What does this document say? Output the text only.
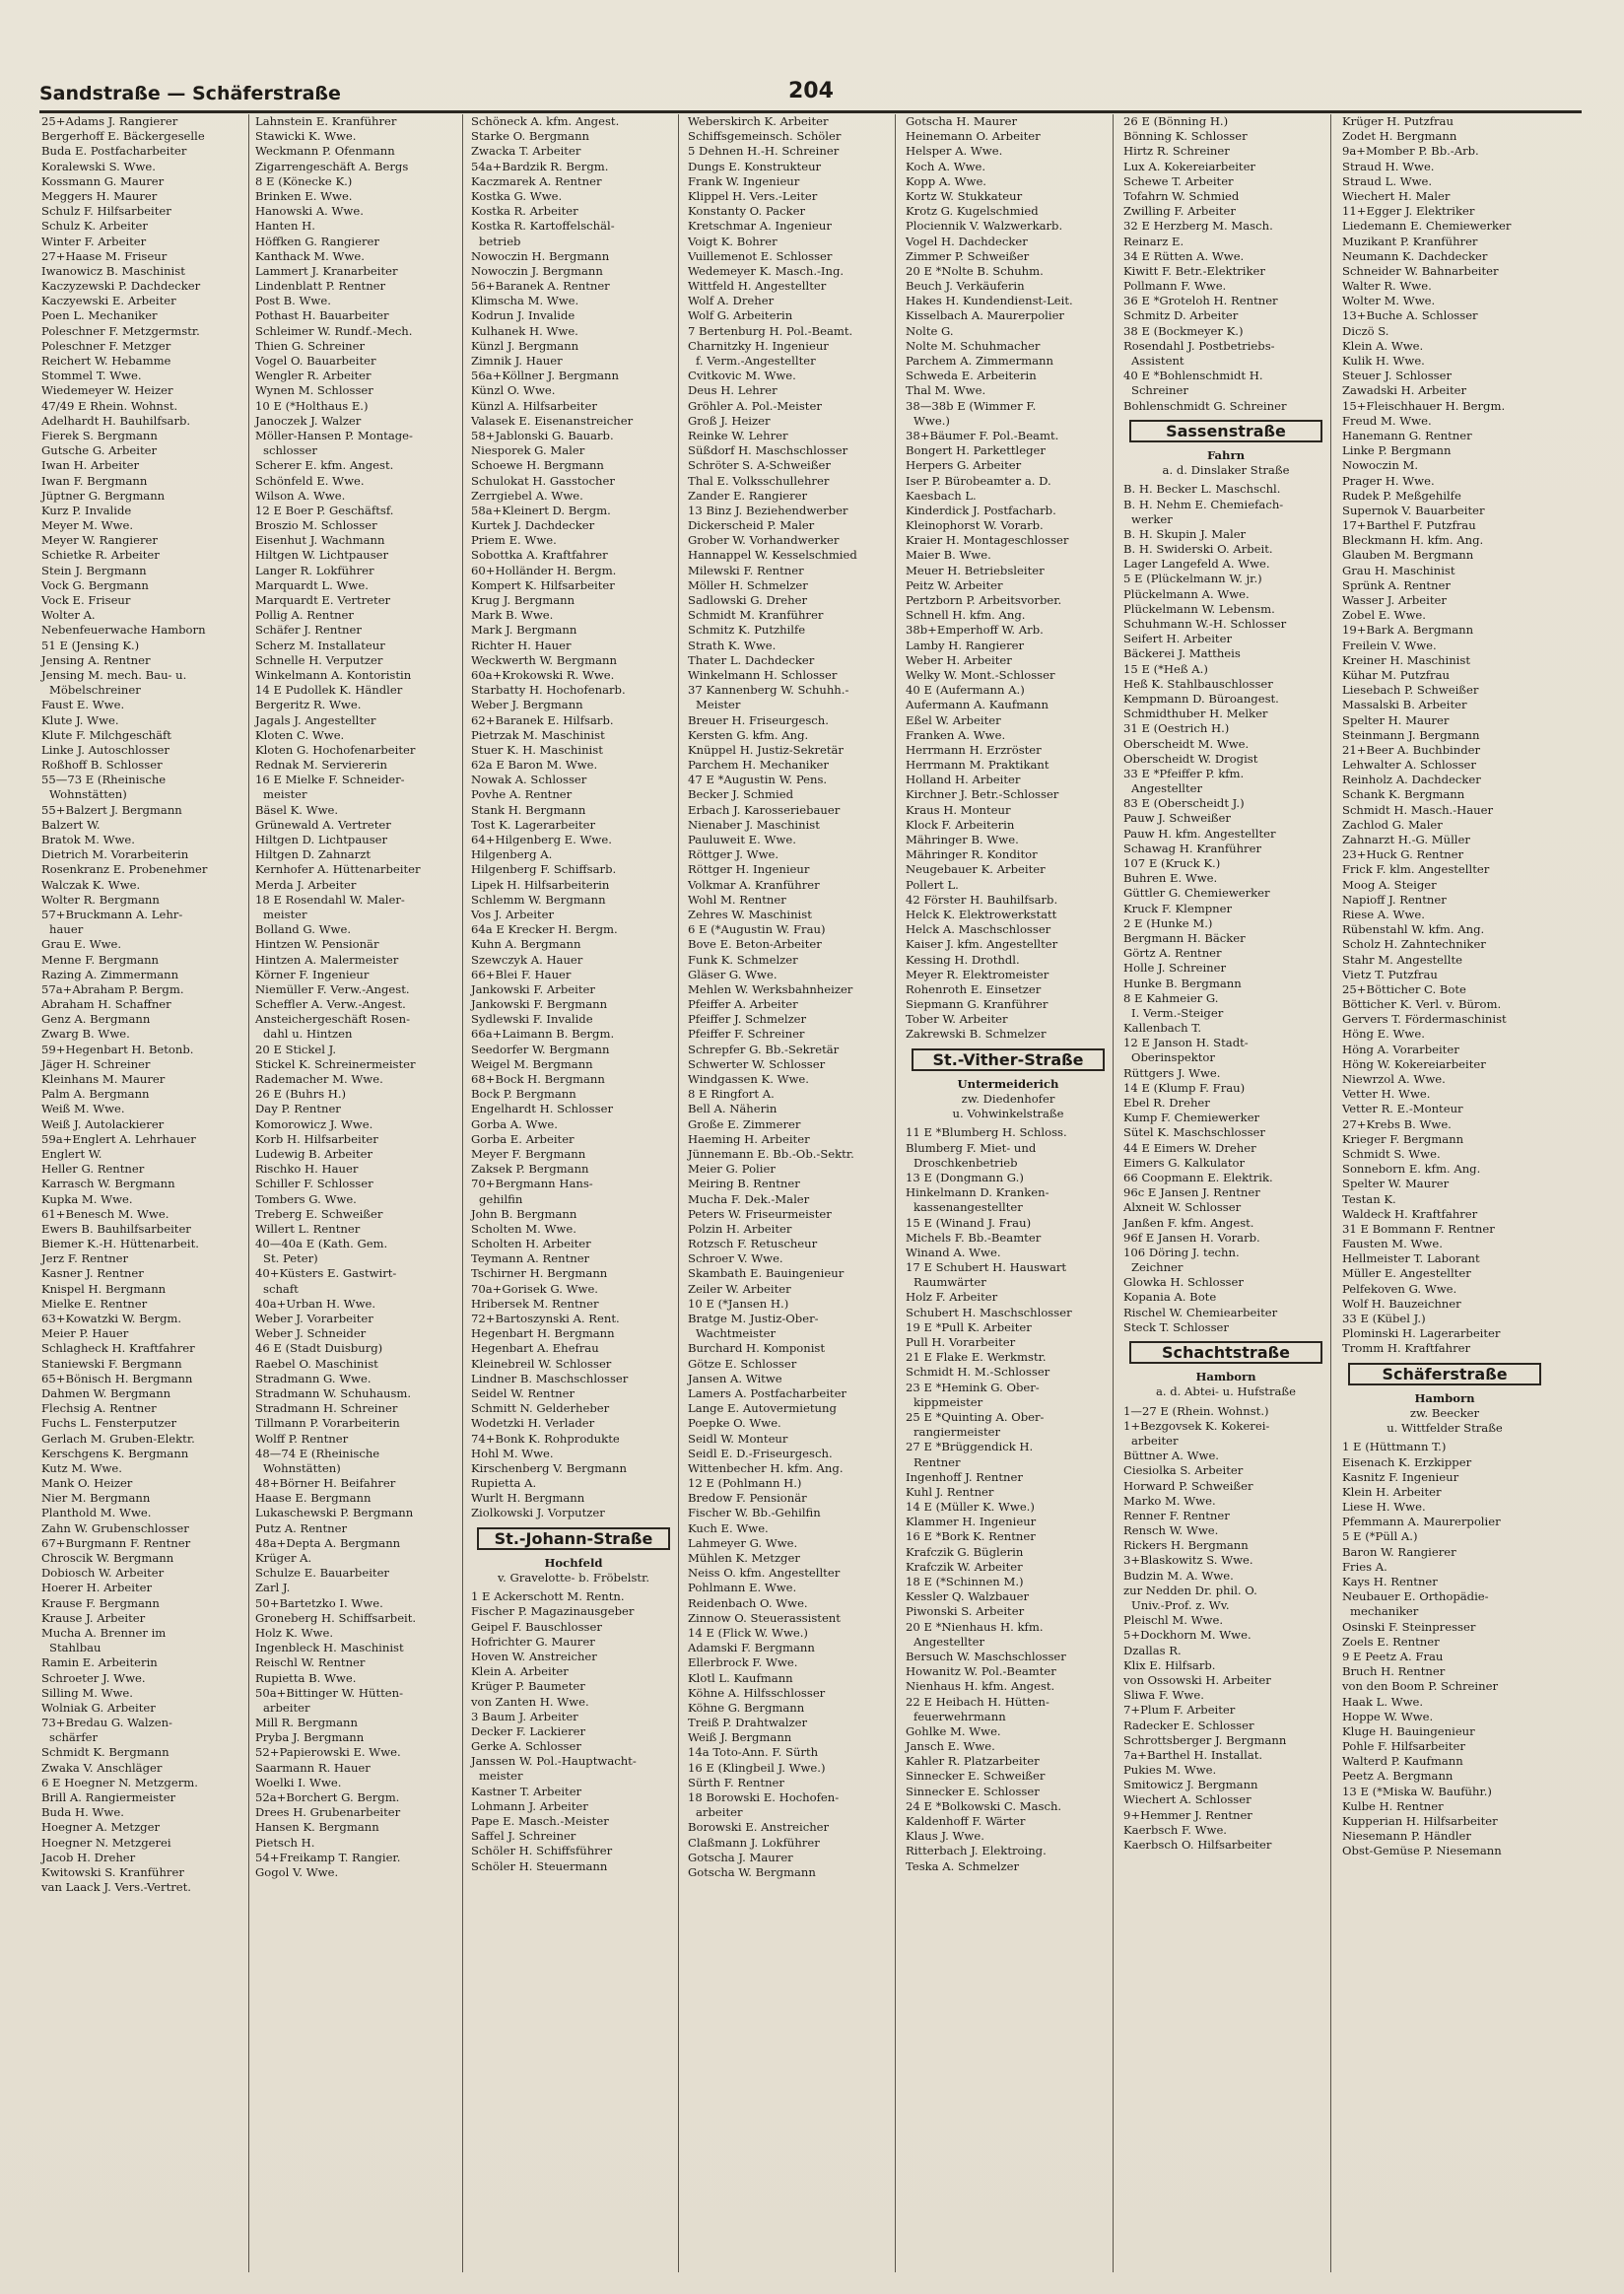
Sandstraße — Schäferstraße	204
25+Adams J. Rangierer
Bergerhoff E. Bäckergeselle
Buda E. Postfacharbeiter
Koralewski S. Wwe.
Kossmann G. Maurer
Meggers H. Maurer
Schulz F. Hilfsarbeiter
Schulz K. Arbeiter
Winter F. Arbeiter
27+Haase M. Friseur
Iwanowicz B. Maschinist
Kaczyzewski P. Dachdecker
Kaczyewski E. Arbeiter
Poen L. Mechaniker
Poleschner F. Metzgermstr.
Poleschner F. Metzger
Reichert W. Hebamme
Stommel T. Wwe.
Wiedemeyer W. Heizer
47/49 E Rhein. Wohnst.
Adelhardt H. Bauhilfsarb.
Fierek S. Bergmann
Gutsche G. Arbeiter
Iwan H. Arbeiter
Iwan F. Bergmann
Jüptner G. Bergmann
Kurz P. Invalide
Meyer M. Wwe.
Meyer W. Rangierer
Schietke R. Arbeiter
Stein J. Bergmann
Vock G. Bergmann
Vock E. Friseur
Wolter A.
Nebenfeuerwache Hamborn
51 E (Jensing K.)
Jensing A. Rentner
Jensing M. mech. Bau- u.
Möbelschreiner
Faust E. Wwe.
Klute J. Wwe.
Klute F. Milchgeschäft
Linke J. Autoschlosser
Roßhoff B. Schlosser
55—73 E (Rheinische
Wohnstätten)
55+Balzert J. Bergmann
Balzert W.
Bratok M. Wwe.
Dietrich M. Vorarbeiterin
Rosenkranz E. Probenehmer
Walczak K. Wwe.
Wolter R. Bergmann
57+Bruckmann A. Lehr-
hauer
Grau E. Wwe.
Menne F. Bergmann
Razing A. Zimmermann
57a+Abraham P. Bergm.
Abraham H. Schaffner
Genz A. Bergmann
Zwarg B. Wwe.
59+Hegenbart H. Betonb.
Jäger H. Schreiner
Kleinhans M. Maurer
Palm A. Bergmann
Weiß M. Wwe.
Weiß J. Autolackierer
59a+Englert A. Lehrhauer
Englert W.
Heller G. Rentner
Karrasch W. Bergmann
Kupka M. Wwe.
61+Benesch M. Wwe.
Ewers B. Bauhilfsarbeiter
Biemer K.-H. Hüttenarbeit.
Jerz F. Rentner
Kasner J. Rentner
Knispel H. Bergmann
Mielke E. Rentner
63+Kowatzki W. Bergm.
Meier P. Hauer
Schlagheck H. Kraftfahrer
Staniewski F. Bergmann
65+Bönisch H. Bergmann
Dahmen W. Bergmann
Flechsig A. Rentner
Fuchs L. Fensterputzer
Gerlach M. Gruben-Elektr.
Kerschgens K. Bergmann
Kutz M. Wwe.
Mank O. Heizer
Nier M. Bergmann
Planthold M. Wwe.
Zahn W. Grubenschlosser
67+Burgmann F. Rentner
Chroscik W. Bergmann
Dobiosch W. Arbeiter
Hoerer H. Arbeiter
Krause F. Bergmann
Krause J. Arbeiter
Mucha A. Brenner im
Stahlbau
Ramin E. Arbeiterin
Schroeter J. Wwe.
Silling M. Wwe.
Wolniak G. Arbeiter
73+Bredau G. Walzen-
schärfer
Schmidt K. Bergmann
Zwaka V. Anschläger
6 E Hoegner N. Metzgerm.
Brill A. Rangiermeister
Buda H. Wwe.
Hoegner A. Metzger
Hoegner N. Metzgerei
Jacob H. Dreher
Kwitowski S. Kranführer
van Laack J. Vers.-Vertret.
Lahnstein E. Kranführer
Stawicki K. Wwe.
Weckmann P. Ofenmann
Zigarrengeschäft A. Bergs
8 E (Könecke K.)
Brinken E. Wwe.
Hanowski A. Wwe.
Hanten H.
Höffken G. Rangierer
Kanthack M. Wwe.
Lammert J. Kranarbeiter
Lindenblatt P. Rentner
Post B. Wwe.
Pothast H. Bauarbeiter
Schleimer W. Rundf.-Mech.
Thien G. Schreiner
Vogel O. Bauarbeiter
Wengler R. Arbeiter
Wynen M. Schlosser
10 E (*Holthaus E.)
Janoczek J. Walzer
Möller-Hansen P. Montage-
schlosser
Scherer E. kfm. Angest.
Schönfeld E. Wwe.
Wilson A. Wwe.
12 E Boer P. Geschäftsf.
Broszio M. Schlosser
Eisenhut J. Wachmann
Hiltgen W. Lichtpauser
Langer R. Lokführer
Marquardt L. Wwe.
Marquardt E. Vertreter
Pollig A. Rentner
Schäfer J. Rentner
Scherz M. Installateur
Schnelle H. Verputzer
Winkelmann A. Kontoristin
14 E Pudollek K. Händler
Bergeritz R. Wwe.
Jagals J. Angestellter
Kloten C. Wwe.
Kloten G. Hochofenarbeiter
Rednak M. Serviererin
16 E Mielke F. Schneider-
meister
Bäsel K. Wwe.
Grünewald A. Vertreter
Hiltgen D. Lichtpauser
Hiltgen D. Zahnarzt
Kernhofer A. Hüttenarbeiter
Merda J. Arbeiter
18 E Rosendahl W. Maler-
meister
Bolland G. Wwe.
Hintzen W. Pensionär
Hintzen A. Malermeister
Körner F. Ingenieur
Niemüller F. Verw.-Angest.
Scheffler A. Verw.-Angest.
Ansteichergeschäft Rosen-
dahl u. Hintzen
20 E Stickel J.
Stickel K. Schreinermeister
Rademacher M. Wwe.
26 E (Buhrs H.)
Day P. Rentner
Komorowicz J. Wwe.
Korb H. Hilfsarbeiter
Ludewig B. Arbeiter
Rischko H. Hauer
Schiller F. Schlosser
Tombers G. Wwe.
Treberg E. Schweißer
Willert L. Rentner
40—40a E (Kath. Gem.
St. Peter)
40+Küsters E. Gastwirt-
schaft
40a+Urban H. Wwe.
Weber J. Vorarbeiter
Weber J. Schneider
46 E (Stadt Duisburg)
Raebel O. Maschinist
Stradmann G. Wwe.
Stradmann W. Schuhausm.
Stradmann H. Schreiner
Tillmann P. Vorarbeiterin
Wolff P. Rentner
48—74 E (Rheinische
Wohnstätten)
48+Börner H. Beifahrer
Haase E. Bergmann
Lukaschewski P. Bergmann
Putz A. Rentner
48a+Depta A. Bergmann
Krüger A.
Schulze E. Bauarbeiter
Zarl J.
50+Bartetzko I. Wwe.
Groneberg H. Schiffsarbeit.
Holz K. Wwe.
Ingenbleck H. Maschinist
Reischl W. Rentner
Rupietta B. Wwe.
50a+Bittinger W. Hütten-
arbeiter
Mill R. Bergmann
Pryba J. Bergmann
52+Papierowski E. Wwe.
Saarmann R. Hauer
Woelki I. Wwe.
52a+Borchert G. Bergm.
Drees H. Grubenarbeiter
Hansen K. Bergmann
Pietsch H.
54+Freikamp T. Rangier.
Gogol V. Wwe.
Schöneck A. kfm. Angest.
Starke O. Bergmann
Zwacka T. Arbeiter
54a+Bardzik R. Bergm.
Kaczmarek A. Rentner
Kostka G. Wwe.
Kostka R. Arbeiter
Kostka R. Kartoffelschäl-
betrieb
Nowoczin H. Bergmann
Nowoczin J. Bergmann
56+Baranek A. Rentner
Klimscha M. Wwe.
Kodrun J. Invalide
Kulhanek H. Wwe.
Künzl J. Bergmann
Zimnik J. Hauer
56a+Köllner J. Bergmann
Künzl O. Wwe.
Künzl A. Hilfsarbeiter
Valasek E. Eisenanstreicher
58+Jablonski G. Bauarb.
Niesporek G. Maler
Schoewe H. Bergmann
Schulokat H. Gasstocher
Zerrgiebel A. Wwe.
58a+Kleinert D. Bergm.
Kurtek J. Dachdecker
Priem E. Wwe.
Sobottka A. Kraftfahrer
60+Holländer H. Bergm.
Kompert K. Hilfsarbeiter
Krug J. Bergmann
Mark B. Wwe.
Mark J. Bergmann
Richter H. Hauer
Weckwerth W. Bergmann
60a+Krokowski R. Wwe.
Starbatty H. Hochofenarb.
Weber J. Bergmann
62+Baranek E. Hilfsarb.
Pietrzak M. Maschinist
Stuer K. H. Maschinist
62a E Baron M. Wwe.
Nowak A. Schlosser
Povhe A. Rentner
Stank H. Bergmann
Tost K. Lagerarbeiter
64+Hilgenberg E. Wwe.
Hilgenberg A.
Hilgenberg F. Schiffsarb.
Lipek H. Hilfsarbeiterin
Schlemm W. Bergmann
Vos J. Arbeiter
64a E Krecker H. Bergm.
Kuhn A. Bergmann
Szewczyk A. Hauer
66+Blei F. Hauer
Jankowski F. Arbeiter
Jankowski F. Bergmann
Sydlewski F. Invalide
66a+Laimann B. Bergm.
Seedorfer W. Bergmann
Weigel M. Bergmann
68+Bock H. Bergmann
Bock P. Bergmann
Engelhardt H. Schlosser
Gorba A. Wwe.
Gorba E. Arbeiter
Meyer F. Bergmann
Zaksek P. Bergmann
70+Bergmann Hans-
gehilfin
John B. Bergmann
Scholten M. Wwe.
Scholten H. Arbeiter
Teymann A. Rentner
Tschirner H. Bergmann
70a+Gorisek G. Wwe.
Hribersek M. Rentner
72+Bartoszynski A. Rent.
Hegenbart H. Bergmann
Hegenbart A. Ehefrau
Kleinebreil W. Schlosser
Lindner B. Maschschlosser
Seidel W. Rentner
Schmitt N. Gelderheber
Wodetzki H. Verlader
74+Bonk K. Rohprodukte
Hohl M. Wwe.
Kirschenberg V. Bergmann
Rupietta A.
Wurlt H. Bergmann
Ziolkowski J. Vorputzer
St.-Johann-Straße
Hochfeld
v. Gravelotte- b. Fröbelstr.
1 E Ackerschott M. Rentn.
Fischer P. Magazinausgeber
Geipel F. Bauschlosser
Hofrichter G. Maurer
Hoven W. Anstreicher
Klein A. Arbeiter
Krüger P. Baumeter
von Zanten H. Wwe.
3 Baum J. Arbeiter
Decker F. Lackierer
Gerke A. Schlosser
Janssen W. Pol.-Hauptwacht-
meister
Kastner T. Arbeiter
Lohmann J. Arbeiter
Pape E. Masch.-Meister
Saffel J. Schreiner
Schöler H. Schiffsführer
Schöler H. Steuermann
Weberskirch K. Arbeiter
Schiffsgemeinsch. Schöler
5 Dehnen H.-H. Schreiner
Dungs E. Konstrukteur
Frank W. Ingenieur
Klippel H. Vers.-Leiter
Konstanty O. Packer
Kretschmar A. Ingenieur
Voigt K. Bohrer
Vuillemenot E. Schlosser
Wedemeyer K. Masch.-Ing.
Wittfeld H. Angestellter
Wolf A. Dreher
Wolf G. Arbeiterin
7 Bertenburg H. Pol.-Beamt.
Charnitzky H. Ingenieur
f. Verm.-Angestellter
Cvitkovic M. Wwe.
Deus H. Lehrer
Gröhler A. Pol.-Meister
Groß J. Heizer
Reinke W. Lehrer
Süßdorf H. Maschschlosser
Schröter S. A-Schweißer
Thal E. Volksschullehrer
Zander E. Rangierer
13 Binz J. Beziehendwerber
Dickerscheid P. Maler
Grober W. Vorhandwerker
Hannappel W. Kesselschmied
Milewski F. Rentner
Möller H. Schmelzer
Sadlowski G. Dreher
Schmidt M. Kranführer
Schmitz K. Putzhilfe
Strath K. Wwe.
Thater L. Dachdecker
Winkelmann H. Schlosser
37 Kannenberg W. Schuhh.-
Meister
Breuer H. Friseurgesch.
Kersten G. kfm. Ang.
Knüppel H. Justiz-Sekretär
Parchem H. Mechaniker
47 E *Augustin W. Pens.
Becker J. Schmied
Erbach J. Karosseriebauer
Nienaber J. Maschinist
Pauluweit E. Wwe.
Röttger J. Wwe.
Röttger H. Ingenieur
Volkmar A. Kranführer
Wohl M. Rentner
Zehres W. Maschinist
6 E (*Augustin W. Frau)
Bove E. Beton-Arbeiter
Funk K. Schmelzer
Gläser G. Wwe.
Mehlen W. Werksbahnheizer
Pfeiffer A. Arbeiter
Pfeiffer J. Schmelzer
Pfeiffer F. Schreiner
Schrepfer G. Bb.-Sekretär
Schwerter W. Schlosser
Windgassen K. Wwe.
8 E Ringfort A.
Bell A. Näherin
Große E. Zimmerer
Haeming H. Arbeiter
Jünnemann E. Bb.-Ob.-Sektr.
Meier G. Polier
Meiring B. Rentner
Mucha F. Dek.-Maler
Peters W. Friseurmeister
Polzin H. Arbeiter
Rotzsch F. Retuscheur
Schroer V. Wwe.
Skambath E. Bauingenieur
Zeiler W. Arbeiter
10 E (*Jansen H.)
Bratge M. Justiz-Ober-
Wachtmeister
Burchard H. Komponist
Götze E. Schlosser
Jansen A. Witwe
Lamers A. Postfacharbeiter
Lange E. Autovermietung
Poepke O. Wwe.
Seidl W. Monteur
Seidl E. D.-Friseurgesch.
Wittenbecher H. kfm. Ang.
12 E (Pohlmann H.)
Bredow F. Pensionär
Fischer W. Bb.-Gehilfin
Kuch E. Wwe.
Lahmeyer G. Wwe.
Mühlen K. Metzger
Neiss O. kfm. Angestellter
Pohlmann E. Wwe.
Reidenbach O. Wwe.
Zinnow O. Steuerassistent
14 E (Flick W. Wwe.)
Adamski F. Bergmann
Ellerbrock F. Wwe.
Klotl L. Kaufmann
Köhne A. Hilfsschlosser
Köhne G. Bergmann
Treiß P. Drahtwalzer
Weiß J. Bergmann
14a Toto-Ann. F. Sürth
16 E (Klingbeil J. Wwe.)
Sürth F. Rentner
18 Borowski E. Hochofen-
arbeiter
Borowski E. Anstreicher
Claßmann J. Lokführer
Gotscha J. Maurer
Gotscha W. Bergmann
Gotscha H. Maurer
Heinemann O. Arbeiter
Helsper A. Wwe.
Koch A. Wwe.
Kopp A. Wwe.
Kortz W. Stukkateur
Krotz G. Kugelschmied
Plociennik V. Walzwerkarb.
Vogel H. Dachdecker
Zimmer P. Schweißer
20 E *Nolte B. Schuhm.
Beuch J. Verkäuferin
Hakes H. Kundendienst-Leit.
Kisselbach A. Maurerpolier
Nolte G.
Nolte M. Schuhmacher
Parchem A. Zimmermann
Schweda E. Arbeiterin
Thal M. Wwe.
38—38b E (Wimmer F.
Wwe.)
38+Bäumer F. Pol.-Beamt.
Bongert H. Parkettleger
Herpers G. Arbeiter
Iser P. Bürobeamter a. D.
Kaesbach L.
Kinderdick J. Postfacharb.
Kleinophorst W. Vorarb.
Kraier H. Montageschlosser
Maier B. Wwe.
Meuer H. Betriebsleiter
Peitz W. Arbeiter
Pertzborn P. Arbeitsvorber.
Schnell H. kfm. Ang.
38b+Emperhoff W. Arb.
Lamby H. Rangierer
Weber H. Arbeiter
Welky W. Mont.-Schlosser
40 E (Aufermann A.)
Aufermann A. Kaufmann
Eßel W. Arbeiter
Franken A. Wwe.
Herrmann H. Erzröster
Herrmann M. Praktikant
Holland H. Arbeiter
Kirchner J. Betr.-Schlosser
Kraus H. Monteur
Klock F. Arbeiterin
Mähringer B. Wwe.
Mähringer R. Konditor
Neugebauer K. Arbeiter
Pollert L.
42 Förster H. Bauhilfsarb.
Helck K. Elektrowerkstatt
Helck A. Maschschlosser
Kaiser J. kfm. Angestellter
Kessing H. Drothdl.
Meyer R. Elektromeister
Rohenroth E. Einsetzer
Siepmann G. Kranführer
Tober W. Arbeiter
Zakrewski B. Schmelzer
St.-Vither-Straße
Untermeiderich
zw. Diedenhofer
u. Vohwinkelstraße
11 E *Blumberg H. Schloss.
Blumberg F. Miet- und
Droschkenbetrieb
13 E (Dongmann G.)
Hinkelmann D. Kranken-
kassenangestellter
15 E (Winand J. Frau)
Michels F. Bb.-Beamter
Winand A. Wwe.
17 E Schubert H. Hauswart
Raumwärter
Holz F. Arbeiter
Schubert H. Maschschlosser
19 E *Pull K. Arbeiter
Pull H. Vorarbeiter
21 E Flake E. Werkmstr.
Schmidt H. M.-Schlosser
23 E *Hemink G. Ober-
kippmeister
25 E *Quinting A. Ober-
rangiermeister
27 E *Brüggendick H.
Rentner
Ingenhoff J. Rentner
Kuhl J. Rentner
14 E (Müller K. Wwe.)
Klammer H. Ingenieur
16 E *Bork K. Rentner
Krafczik G. Büglerin
Krafczik W. Arbeiter
18 E (*Schinnen M.)
Kessler Q. Walzbauer
Piwonski S. Arbeiter
20 E *Nienhaus H. kfm.
Angestellter
Bersuch W. Maschschlosser
Howanitz W. Pol.-Beamter
Nienhaus H. kfm. Angest.
22 E Heibach H. Hütten-
feuerwehrmann
Gohlke M. Wwe.
Jansch E. Wwe.
Kahler R. Platzarbeiter
Sinnecker E. Schweißer
Sinnecker E. Schlosser
24 E *Bolkowski C. Masch.
Kaldenhoff F. Wärter
Klaus J. Wwe.
Ritterbach J. Elektroing.
Teska A. Schmelzer
26 E (Bönning H.)
Bönning K. Schlosser
Hirtz R. Schreiner
Lux A. Kokereiarbeiter
Schewe T. Arbeiter
Tofahrn W. Schmied
Zwilling F. Arbeiter
32 E Herzberg M. Masch.
Reinarz E.
34 E Rütten A. Wwe.
Kiwitt F. Betr.-Elektriker
Pollmann F. Wwe.
36 E *Groteloh H. Rentner
Schmitz D. Arbeiter
38 E (Bockmeyer K.)
Rosendahl J. Postbetriebs-
Assistent
40 E *Bohlenschmidt H.
Schreiner
Bohlenschmidt G. Schreiner
Sassenstraße
Fahrn
a. d. Dinslaker Straße
B. H. Becker L. Maschschl.
B. H. Nehm E. Chemiefach-
werker
B. H. Skupin J. Maler
B. H. Swiderski O. Arbeit.
Lager Langefeld A. Wwe.
5 E (Plückelmann W. jr.)
Plückelmann A. Wwe.
Plückelmann W. Lebensm.
Schuhmann W.-H. Schlosser
Seifert H. Arbeiter
Bäckerei J. Mattheis
15 E (*Heß A.)
Heß K. Stahlbauschlosser
Kempmann D. Büroangest.
Schmidthuber H. Melker
31 E (Oestrich H.)
Oberscheidt M. Wwe.
Oberscheidt W. Drogist
33 E *Pfeiffer P. kfm.
Angestellter
83 E (Oberscheidt J.)
Pauw J. Schweißer
Pauw H. kfm. Angestellter
Schawag H. Kranführer
107 E (Kruck K.)
Buhren E. Wwe.
Güttler G. Chemiewerker
Kruck F. Klempner
2 E (Hunke M.)
Bergmann H. Bäcker
Görtz A. Rentner
Holle J. Schreiner
Hunke B. Bergmann
8 E Kahmeier G.
I. Verm.-Steiger
Kallenbach T.
12 E Janson H. Stadt-
Oberinspektor
Rüttgers J. Wwe.
14 E (Klump F. Frau)
Ebel R. Dreher
Kump F. Chemiewerker
Sütel K. Maschschlosser
44 E Eimers W. Dreher
Eimers G. Kalkulator
66 Coopmann E. Elektrik.
96c E Jansen J. Rentner
Alxneit W. Schlosser
Janßen F. kfm. Angest.
96f E Jansen H. Vorarb.
106 Döring J. techn.
Zeichner
Glowka H. Schlosser
Kopania A. Bote
Rischel W. Chemiearbeiter
Steck T. Schlosser
Schachtstraße
Hamborn
a. d. Abtei- u. Hufstraße
1—27 E (Rhein. Wohnst.)
1+Bezgovsek K. Kokerei-
arbeiter
Büttner A. Wwe.
Ciesiolka S. Arbeiter
Horward P. Schweißer
Marko M. Wwe.
Renner F. Rentner
Rensch W. Wwe.
Rickers H. Bergmann
3+Blaskowitz S. Wwe.
Budzin M. A. Wwe.
zur Nedden Dr. phil. O.
Univ.-Prof. z. Wv.
Pleischl M. Wwe.
5+Dockhorn M. Wwe.
Dzallas R.
Klix E. Hilfsarb.
von Ossowski H. Arbeiter
Sliwa F. Wwe.
7+Plum F. Arbeiter
Radecker E. Schlosser
Schrottsberger J. Bergmann
7a+Barthel H. Installat.
Pukies M. Wwe.
Smitowicz J. Bergmann
Wiechert A. Schlosser
9+Hemmer J. Rentner
Kaerbsch F. Wwe.
Kaerbsch O. Hilfsarbeiter
Krüger H. Putzfrau
Zodet H. Bergmann
9a+Momber P. Bb.-Arb.
Straud H. Wwe.
Straud L. Wwe.
Wiechert H. Maler
11+Egger J. Elektriker
Liedemann E. Chemiewerker
Muzikant P. Kranführer
Neumann K. Dachdecker
Schneider W. Bahnarbeiter
Walter R. Wwe.
Wolter M. Wwe.
13+Buche A. Schlosser
Diczö S.
Klein A. Wwe.
Kulik H. Wwe.
Steuer J. Schlosser
Zawadski H. Arbeiter
15+Fleischhauer H. Bergm.
Freud M. Wwe.
Hanemann G. Rentner
Linke P. Bergmann
Nowoczin M.
Prager H. Wwe.
Rudek P. Meßgehilfe
Supernok V. Bauarbeiter
17+Barthel F. Putzfrau
Bleckmann H. kfm. Ang.
Glauben M. Bergmann
Grau H. Maschinist
Sprünk A. Rentner
Wasser J. Arbeiter
Zobel E. Wwe.
19+Bark A. Bergmann
Freilein V. Wwe.
Kreiner H. Maschinist
Kühar M. Putzfrau
Liesebach P. Schweißer
Massalski B. Arbeiter
Spelter H. Maurer
Steinmann J. Bergmann
21+Beer A. Buchbinder
Lehwalter A. Schlosser
Reinholz A. Dachdecker
Schank K. Bergmann
Schmidt H. Masch.-Hauer
Zachlod G. Maler
Zahnarzt H.-G. Müller
23+Huck G. Rentner
Frick F. klm. Angestellter
Moog A. Steiger
Napioff J. Rentner
Riese A. Wwe.
Rübenstahl W. kfm. Ang.
Scholz H. Zahntechniker
Stahr M. Angestellte
Vietz T. Putzfrau
25+Bötticher C. Bote
Bötticher K. Verl. v. Bürom.
Gervers T. Fördermaschinist
Höng E. Wwe.
Höng A. Vorarbeiter
Höng W. Kokereiarbeiter
Niewrzol A. Wwe.
Vetter H. Wwe.
Vetter R. E.-Monteur
27+Krebs B. Wwe.
Krieger F. Bergmann
Schmidt S. Wwe.
Sonneborn E. kfm. Ang.
Spelter W. Maurer
Testan K.
Waldeck H. Kraftfahrer
31 E Bommann F. Rentner
Fausten M. Wwe.
Hellmeister T. Laborant
Müller E. Angestellter
Pelfekoven G. Wwe.
Wolf H. Bauzeichner
33 E (Kübel J.)
Plominski H. Lagerarbeiter
Tromm H. Kraftfahrer
Schäferstraße
Hamborn
zw. Beecker
u. Wittfelder Straße
1 E (Hüttmann T.)
Eisenach K. Erzkipper
Kasnitz F. Ingenieur
Klein H. Arbeiter
Liese H. Wwe.
Pfemmann A. Maurerpolier
5 E (*Püll A.)
Baron W. Rangierer
Fries A.
Kays H. Rentner
Neubauer E. Orthopädie-
mechaniker
Osinski F. Steinpresser
Zoels E. Rentner
9 E Peetz A. Frau
Bruch H. Rentner
von den Boom P. Schreiner
Haak L. Wwe.
Hoppe W. Wwe.
Kluge H. Bauingenieur
Pohle F. Hilfsarbeiter
Walterd P. Kaufmann
Peetz A. Bergmann
13 E (*Miska W. Bauführ.)
Kulbe H. Rentner
Kupperian H. Hilfsarbeiter
Niesemann P. Händler
Obst-Gemüse P. Niesemann
